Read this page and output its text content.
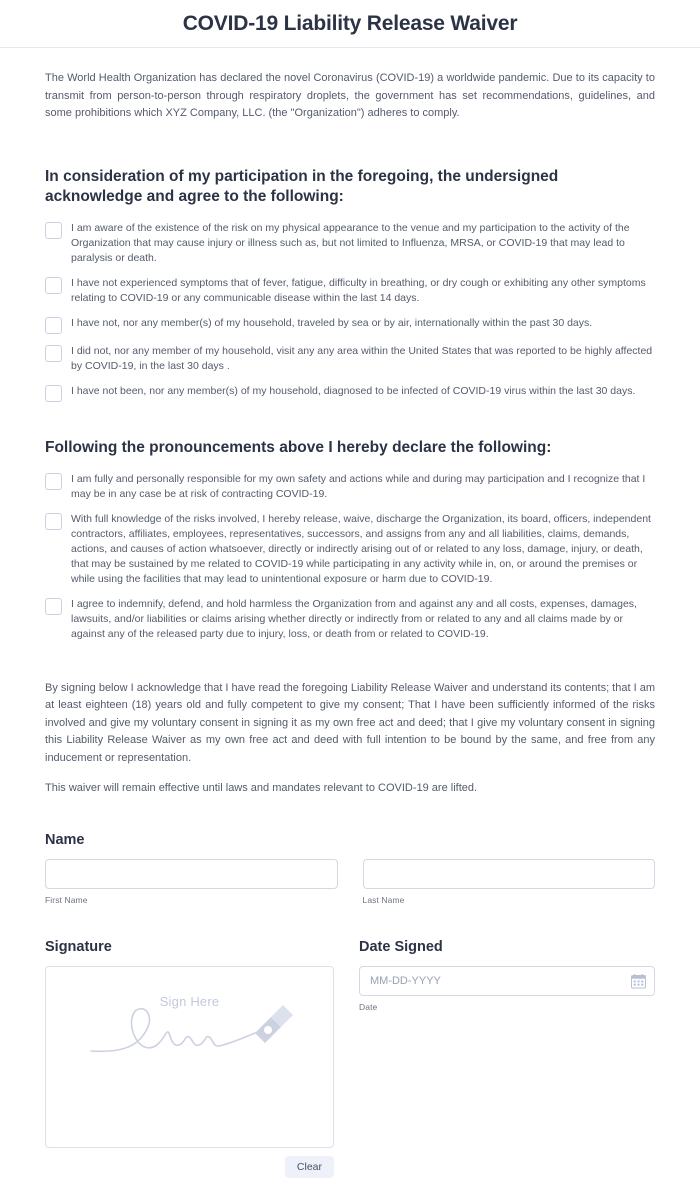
COVID-19 Liability Release Waiver

The World Health Organization has declared the novel Coronavirus (COVID-19) a worldwide pandemic. Due to its capacity to transmit from person-to-person through respiratory droplets, the government has set recommendations, guidelines, and some prohibitions which XYZ Company, LLC. (the "Organization") adheres to comply.

In consideration of my participation in the foregoing, the undersigned acknowledge and agree to the following:
I am aware of the existence of the risk on my physical appearance to the venue and my participation to the activity of the Organization that may cause injury or illness such as, but not limited to Influenza, MRSA, or COVID-19 that may lead to paralysis or death.
I have not experienced symptoms that of fever, fatigue, difficulty in breathing, or dry cough or exhibiting any other symptoms relating to COVID-19 or any communicable disease within the last 14 days.
I have not, nor any member(s) of my household, traveled by sea or by air, internationally within the past 30 days.
I did not, nor any member of my household, visit any any area within the United States that was reported to be highly affected by COVID-19, in the last 30 days .
I have not been, nor any member(s) of my household, diagnosed to be infected of COVID-19 virus within the last 30 days.
Following the pronouncements above I hereby declare the following:
I am fully and personally responsible for my own safety and actions while and during may participation and I recognize that I may be in any case be at risk of contracting COVID-19.
With full knowledge of the risks involved, I hereby release, waive, discharge the Organization, its board, officers, independent contractors, affiliates, employees, representatives, successors, and assigns from any and all liabilities, claims, demands, actions, and causes of action whatsoever, directly or indirectly arising out of or related to any loss, damage, injury, or death, that may be sustained by me related to COVID-19 while participating in any activity while in, on, or around the premises or while using the facilities that may lead to unintentional exposure or harm due to COVID-19.
I agree to indemnify, defend, and hold harmless the Organization from and against any and all costs, expenses, damages, lawsuits, and/or liabilities or claims arising whether directly or indirectly from or related to any and all claims made by or against any of the released party due to injury, loss, or death from or related to COVID-19.

By signing below I acknowledge that I have read the foregoing Liability Release Waiver and understand its contents; that I am at least eighteen (18) years old and fully competent to give my consent; That I have been sufficiently informed of the risks involved and give my voluntary consent in signing it as my own free act and deed; that I give my voluntary consent in signing this Liability Release Waiver as my own free act and deed with full intention to be bound by the same, and free from any inducement or representation.

This waiver will remain effective until laws and mandates relevant to COVID-19 are lifted.

Name
First Name	Last Name
Signature
Sign Here
Clear
Date Signed
MM-DD-YYYY
Date
